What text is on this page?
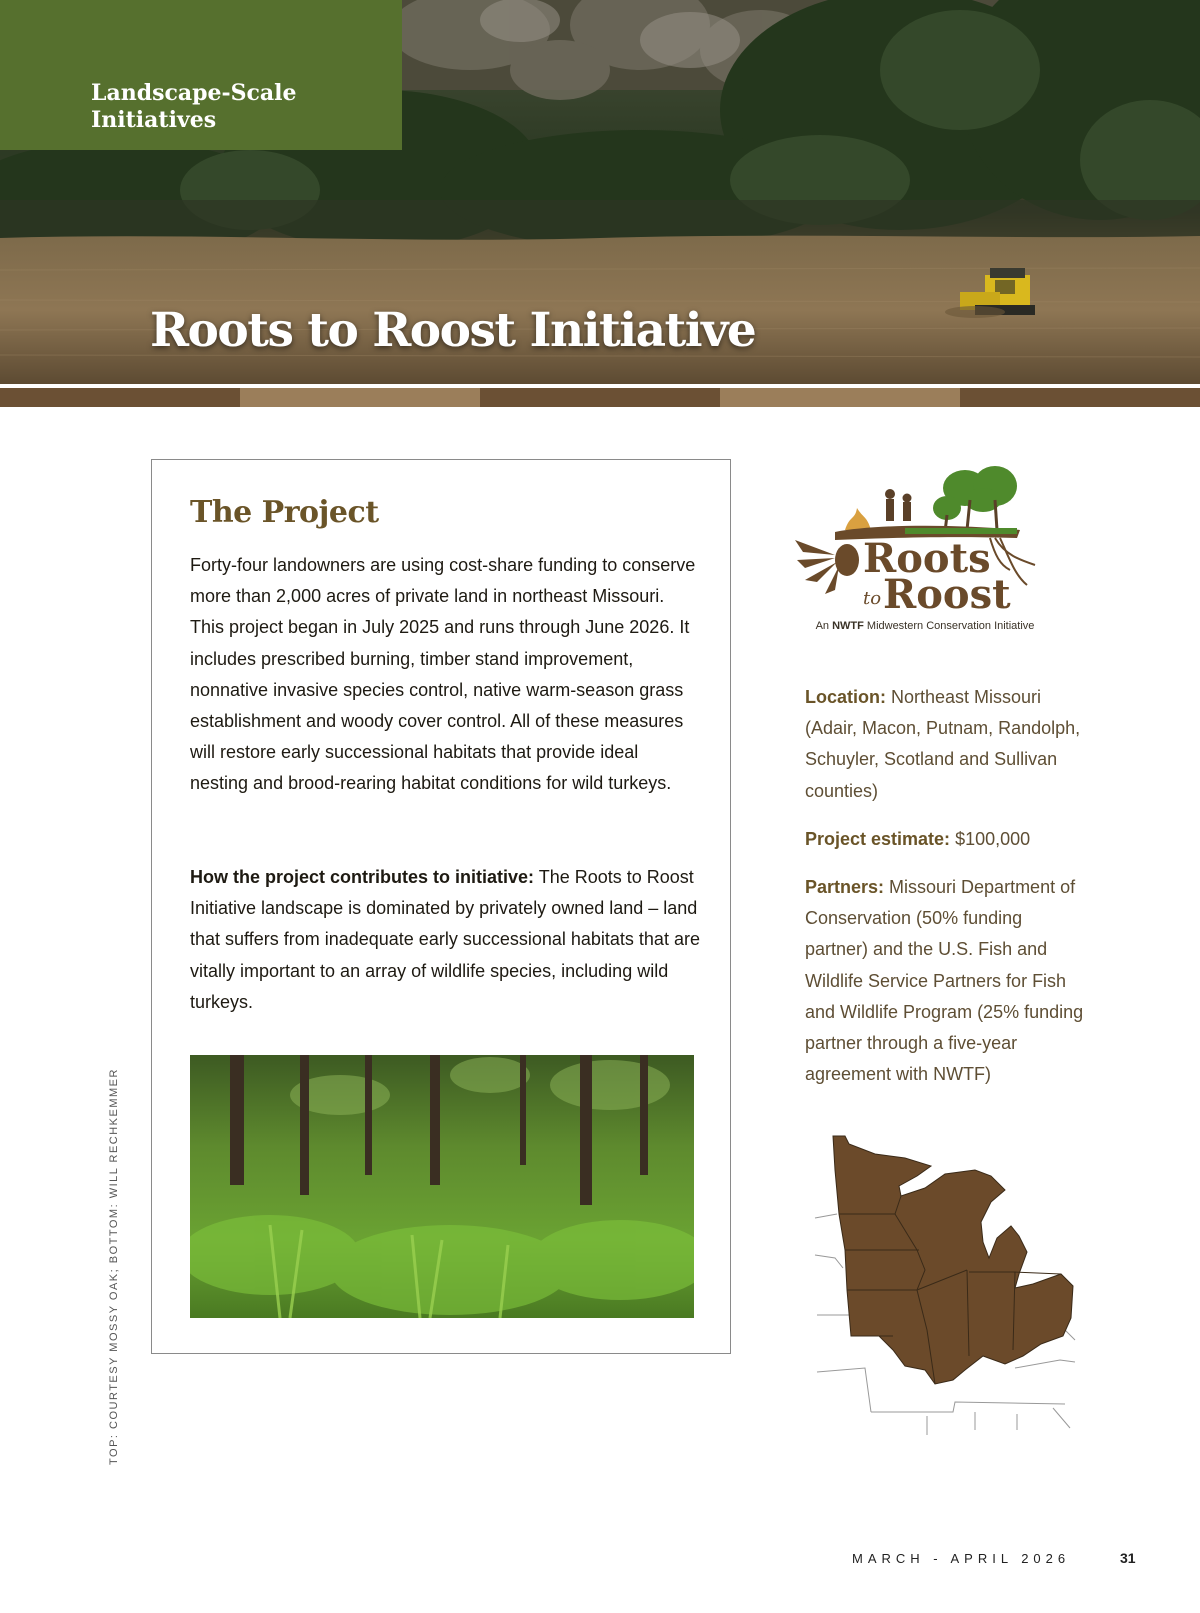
Landscape-Scale Initiatives
Roots to Roost Initiative
The Project
Forty-four landowners are using cost-share funding to conserve more than 2,000 acres of private land in northeast Missouri. This project began in July 2025 and runs through June 2026. It includes prescribed burning, timber stand improvement, nonnative invasive species control, native warm-season grass establishment and woody cover control. All of these measures will restore early successional habitats that provide ideal nesting and brood-rearing habitat conditions for wild turkeys.
How the project contributes to initiative: The Roots to Roost Initiative landscape is dominated by privately owned land – land that suffers from inadequate early successional habitats that are vitally important to an array of wildlife species, including wild turkeys.
Roots
to Roost
An NWTF Midwestern Conservation Initiative
Location: Northeast Missouri (Adair, Macon, Putnam, Randolph, Schuyler, Scotland and Sullivan counties)
Project estimate: $100,000
Partners: Missouri Department of Conservation (50% funding partner) and the U.S. Fish and Wildlife Service Partners for Fish and Wildlife Program (25% funding partner through a five-year agreement with NWTF)
TOP: COURTESY MOSSY OAK; BOTTOM: WILL RECHKEMMER
MARCH - APRIL 2026	31
